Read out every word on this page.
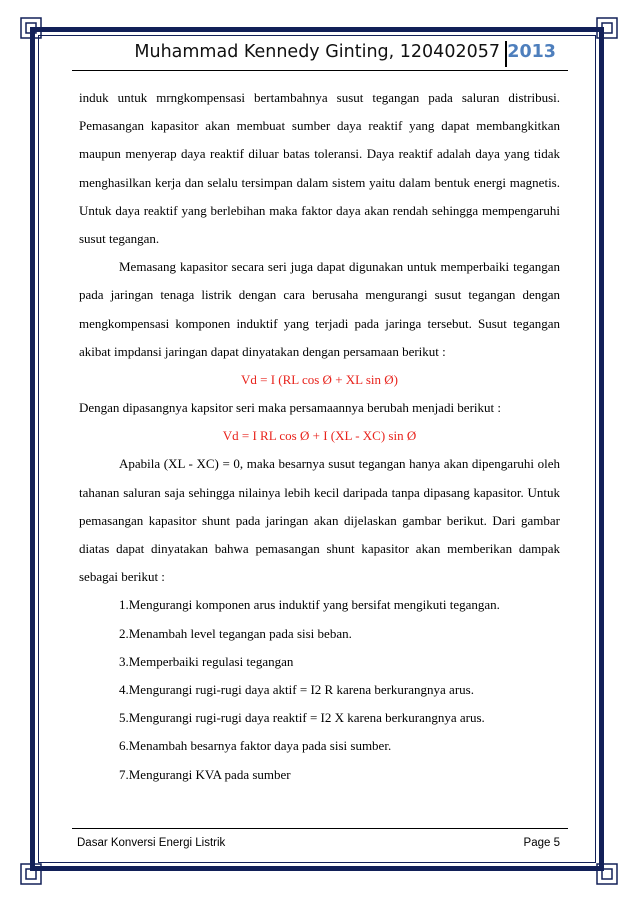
Muhammad Kennedy Ginting, 120402057 2013
induk untuk mrngkompensasi bertambahnya susut tegangan pada saluran distribusi.
Pemasangan kapasitor akan membuat sumber daya reaktif yang dapat membangkitkan
maupun menyerap daya reaktif diluar batas toleransi. Daya reaktif adalah daya yang tidak
menghasilkan kerja dan selalu tersimpan dalam sistem yaitu dalam bentuk energi magnetis.
Untuk daya reaktif yang berlebihan maka faktor daya akan rendah sehingga mempengaruhi
susut tegangan.
Memasang kapasitor secara seri juga dapat digunakan untuk memperbaiki tegangan
pada jaringan tenaga listrik dengan cara berusaha mengurangi susut tegangan dengan
mengkompensasi komponen induktif yang terjadi pada jaringa tersebut. Susut tegangan
akibat impdansi jaringan dapat dinyatakan dengan persamaan berikut :
Vd = I (RL cos Ø + XL sin Ø)
Dengan dipasangnya kapsitor seri maka persamaannya berubah menjadi berikut :
Vd = I RL cos Ø + I (XL - XC) sin Ø
Apabila (XL - XC) = 0, maka besarnya susut tegangan hanya akan dipengaruhi oleh
tahanan saluran saja sehingga nilainya lebih kecil daripada tanpa dipasang kapasitor. Untuk
pemasangan kapasitor shunt pada jaringan akan dijelaskan gambar berikut. Dari gambar
diatas dapat dinyatakan bahwa pemasangan shunt kapasitor akan memberikan dampak
sebagai berikut :
1.Mengurangi komponen arus induktif yang bersifat mengikuti tegangan.
2.Menambah level tegangan pada sisi beban.
3.Memperbaiki regulasi tegangan
4.Mengurangi rugi-rugi daya aktif = I2 R karena berkurangnya arus.
5.Mengurangi rugi-rugi daya reaktif = I2 X karena berkurangnya arus.
6.Menambah besarnya faktor daya pada sisi sumber.
7.Mengurangi KVA pada sumber
Dasar Konversi Energi Listrik	Page 5
